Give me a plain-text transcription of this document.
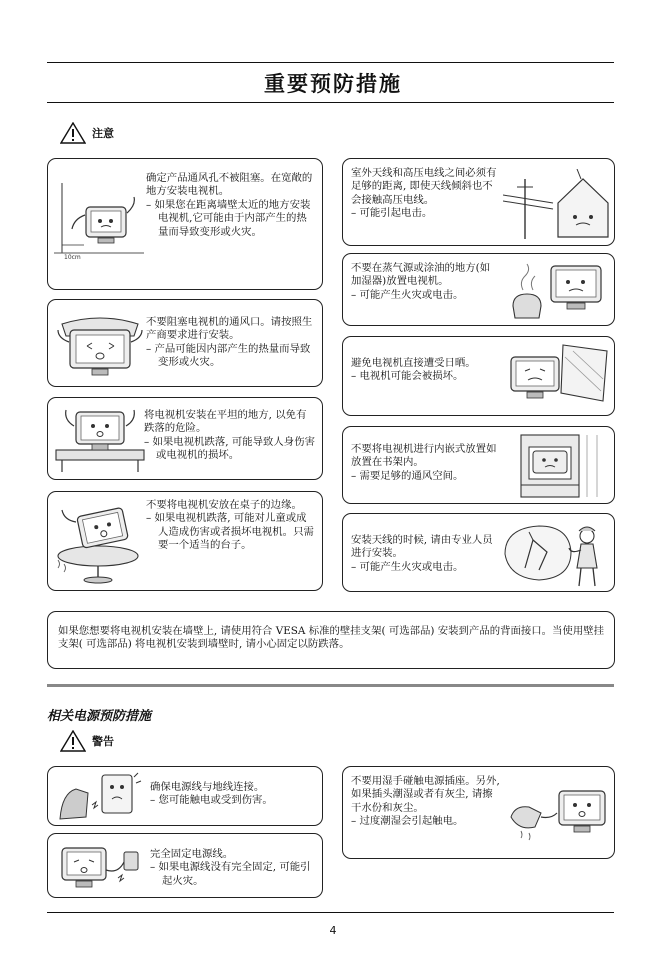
重要预防措施
注意
10cm

确定产品通风孔不被阻塞。在宽敞的地方安装电视机。

– 如果您在距离墙壁太近的地方安装电视机,它可能由于内部产生的热量而导致变形或火灾。

室外天线和高压电线之间必须有足够的距离, 即使天线倾斜也不会接触高压电线。

– 可能引起电击。

不要在蒸气源或涂油的地方(如加湿器)放置电视机。

– 可能产生火灾或电击。

不要阻塞电视机的通风口。请按照生产商要求进行安装。

– 产品可能因内部产生的热量而导致变形或火灾。	避免电视机直接遭受日晒。

– 电视机可能会被损坏。

将电视机安装在平坦的地方, 以免有跌落的危险。

– 如果电视机跌落, 可能导致人身伤害或电视机的损坏。

不要将电视机进行内嵌式放置如放置在书架内。

– 需要足够的通风空间。

不要将电视机安放在桌子的边缘。

– 如果电视机跌落, 可能对儿童或成人造成伤害或者损坏电视机。只需要一个适当的台子。	安装天线的时候, 请由专业人员进行安装。

– 可能产生火灾或电击。

如果您想要将电视机安装在墙壁上, 请使用符合 VESA 标准的壁挂支架( 可选部品) 安装到产品的背面接口。当使用壁挂支架( 可选部品) 将电视机安装到墙壁时, 请小心固定以防跌落。

相关电源预防措施
警告

确保电源线与地线连接。

– 您可能触电或受到伤害。

不要用湿手碰触电源插座。另外, 如果插头潮湿或者有灰尘, 请擦干水份和灰尘。

– 过度潮湿会引起触电。

完全固定电源线。

– 如果电源线没有完全固定, 可能引起火灾。

4
